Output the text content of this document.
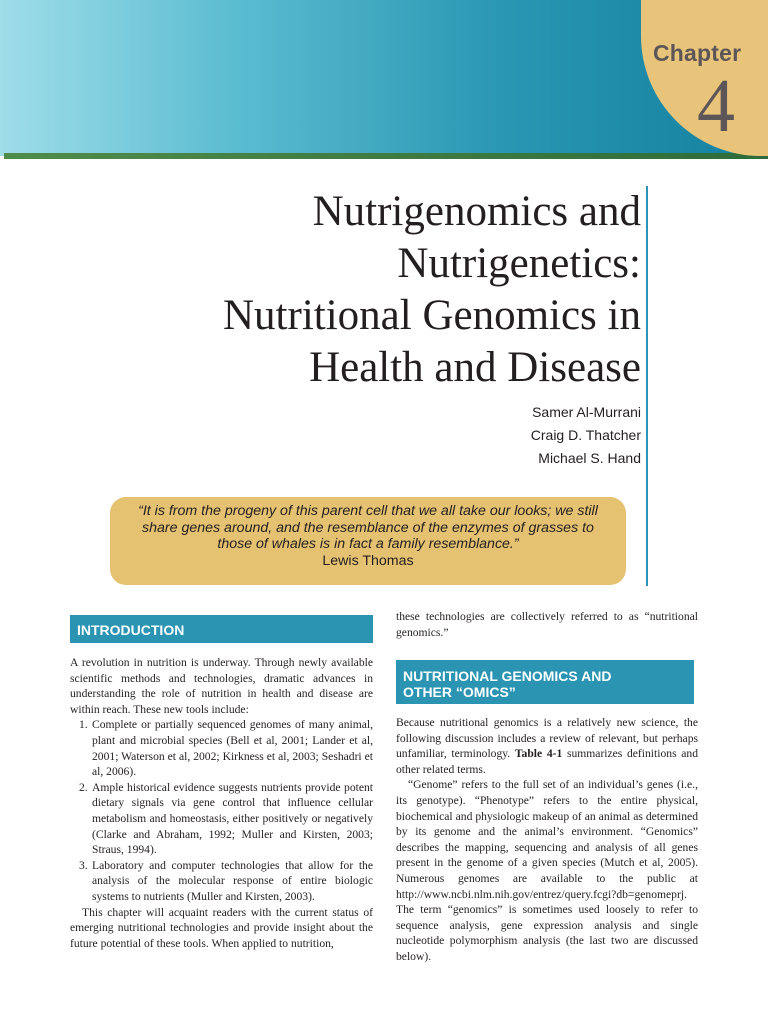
Chapter
4
Nutrigenomics and
Nutrigenetics:
Nutritional Genomics in
Health and Disease
Samer Al-Murrani
Craig D. Thatcher
Michael S. Hand
“It is from the progeny of this parent cell that we all take our looks; we still
share genes around, and the resemblance of the enzymes of grasses to
those of whales is in fact a family resemblance.”
Lewis Thomas
INTRODUCTION

A revolution in nutrition is underway. Through newly available scientific methods and technologies, dramatic advances in understanding the role of nutrition in health and disease are within reach. These new tools include:

1. Complete or partially sequenced genomes of many animal, plant and microbial species (Bell et al, 2001; Lander et al, 2001; Waterson et al, 2002; Kirkness et al, 2003; Seshadri et al, 2006).
2. Ample historical evidence suggests nutrients provide potent dietary signals via gene control that influence cellular metabolism and homeostasis, either positively or negatively (Clarke and Abraham, 1992; Muller and Kirsten, 2003; Straus, 1994).
3. Laboratory and computer technologies that allow for the analysis of the molecular response of entire biologic systems to nutrients (Muller and Kirsten, 2003).

This chapter will acquaint readers with the current status of emerging nutritional technologies and provide insight about the future potential of these tools. When applied to nutrition,

these technologies are collectively referred to as “nutritional genomics.”

NUTRITIONAL GENOMICS AND
OTHER “OMICS”

Because nutritional genomics is a relatively new science, the following discussion includes a review of relevant, but perhaps unfamiliar, terminology. Table 4-1 summarizes definitions and other related terms.

“Genome” refers to the full set of an individual’s genes (i.e., its genotype). “Phenotype” refers to the entire physical, biochemical and physiologic makeup of an animal as determined by its genome and the animal’s environment. “Genomics” describes the mapping, sequencing and analysis of all genes present in the genome of a given species (Mutch et al, 2005). Numerous genomes are available to the public at http://www.ncbi.nlm.nih.gov/entrez/query.fcgi?db=genomeprj. The term “genomics” is sometimes used loosely to refer to sequence analysis, gene expression analysis and single nucleotide polymorphism analysis (the last two are discussed below).
